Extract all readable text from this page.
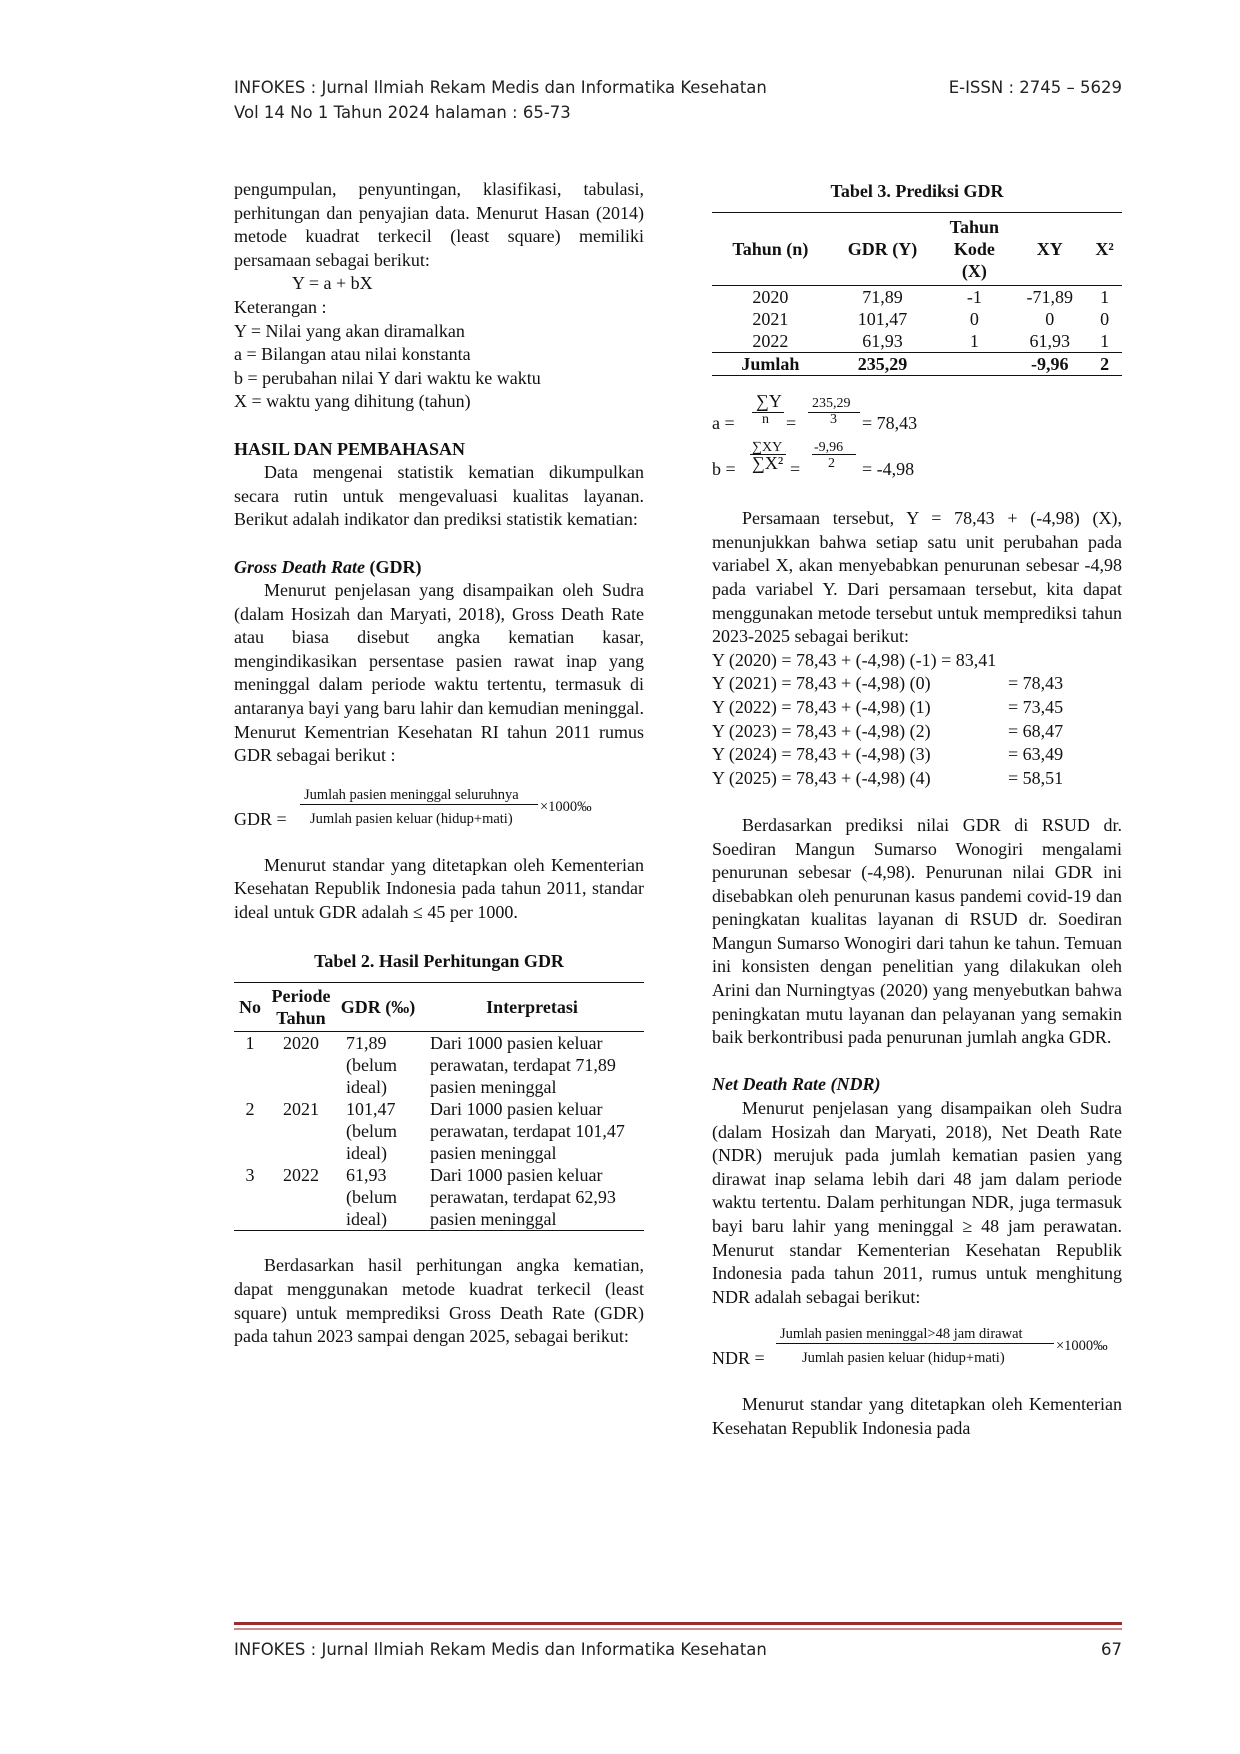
INFOKES : Jurnal Ilmiah Rekam Medis dan Informatika Kesehatan
Vol 14 No 1 Tahun 2024 halaman : 65-73
E-ISSN : 2745 – 5629

pengumpulan, penyuntingan, klasifikasi, tabulasi, perhitungan dan penyajian data. Menurut Hasan (2014) metode kuadrat terkecil (least square) memiliki persamaan sebagai berikut:

Y = a + bX
Keterangan :
Y = Nilai yang akan diramalkan
a = Bilangan atau nilai konstanta
b = perubahan nilai Y dari waktu ke waktu
X = waktu yang dihitung (tahun)
HASIL DAN PEMBAHASAN

Data mengenai statistik kematian dikumpulkan secara rutin untuk mengevaluasi kualitas layanan. Berikut adalah indikator dan prediksi statistik kematian:

Gross Death Rate (GDR)

Menurut penjelasan yang disampaikan oleh Sudra (dalam Hosizah dan Maryati, 2018), Gross Death Rate atau biasa disebut angka kematian kasar, mengindikasikan persentase pasien rawat inap yang meninggal dalam periode waktu tertentu, termasuk di antaranya bayi yang baru lahir dan kemudian meninggal. Menurut Kementrian Kesehatan RI tahun 2011 rumus GDR sebagai berikut :

GDR =
Jumlah pasien meninggal seluruhnya
Jumlah pasien keluar (hidup+mati)
×1000‰

Menurut standar yang ditetapkan oleh Kementerian Kesehatan Republik Indonesia pada tahun 2011, standar ideal untuk GDR adalah ≤ 45 per 1000.

Tabel 2. Hasil Perhitungan GDR
No	Periode Tahun	GDR (‰)	Interpretasi
1	2020	71,89 (belum ideal)	Dari 1000 pasien keluar perawatan, terdapat 71,89 pasien meninggal
2	2021	101,47 (belum ideal)	Dari 1000 pasien keluar perawatan, terdapat 101,47 pasien meninggal
3	2022	61,93 (belum ideal)	Dari 1000 pasien keluar perawatan, terdapat 62,93 pasien meninggal

Berdasarkan hasil perhitungan angka kematian, dapat menggunakan metode kuadrat terkecil (least square) untuk memprediksi Gross Death Rate (GDR) pada tahun 2023 sampai dengan 2025, sebagai berikut:

Tabel 3. Prediksi GDR
Tahun (n)	GDR (Y)	Tahun Kode (X)	XY	X²
2020	71,89	-1	-71,89	1
2021	101,47	0	0	0
2022	61,93	1	61,93	1
Jumlah	235,29		-9,96	2
a =
∑Y
n =
235,29
3 = 78,43
b =
∑XY
∑X² =
-9,96
2 = -4,98

Persamaan tersebut, Y = 78,43 + (-4,98) (X), menunjukkan bahwa setiap satu unit perubahan pada variabel X, akan menyebabkan penurunan sebesar -4,98 pada variabel Y. Dari persamaan tersebut, kita dapat menggunakan metode tersebut untuk memprediksi tahun 2023-2025 sebagai berikut:

Y (2020) = 78,43 + (-4,98) (-1) = 83,41
Y (2021) = 78,43 + (-4,98) (0)	= 78,43
Y (2022) = 78,43 + (-4,98) (1)	= 73,45
Y (2023) = 78,43 + (-4,98) (2)	= 68,47
Y (2024) = 78,43 + (-4,98) (3)	= 63,49
Y (2025) = 78,43 + (-4,98) (4)	= 58,51

Berdasarkan prediksi nilai GDR di RSUD dr. Soediran Mangun Sumarso Wonogiri mengalami penurunan sebesar (-4,98). Penurunan nilai GDR ini disebabkan oleh penurunan kasus pandemi covid-19 dan peningkatan kualitas layanan di RSUD dr. Soediran Mangun Sumarso Wonogiri dari tahun ke tahun. Temuan ini konsisten dengan penelitian yang dilakukan oleh Arini dan Nurningtyas (2020) yang menyebutkan bahwa peningkatan mutu layanan dan pelayanan yang semakin baik berkontribusi pada penurunan jumlah angka GDR.

Net Death Rate (NDR)

Menurut penjelasan yang disampaikan oleh Sudra (dalam Hosizah dan Maryati, 2018), Net Death Rate (NDR) merujuk pada jumlah kematian pasien yang dirawat inap selama lebih dari 48 jam dalam periode waktu tertentu. Dalam perhitungan NDR, juga termasuk bayi baru lahir yang meninggal ≥ 48 jam perawatan. Menurut standar Kementerian Kesehatan Republik Indonesia pada tahun 2011, rumus untuk menghitung NDR adalah sebagai berikut:

NDR =
Jumlah pasien meninggal>48 jam dirawat
Jumlah pasien keluar (hidup+mati)
×1000‰

Menurut standar yang ditetapkan oleh Kementerian Kesehatan Republik Indonesia pada

INFOKES : Jurnal Ilmiah Rekam Medis dan Informatika Kesehatan	67
